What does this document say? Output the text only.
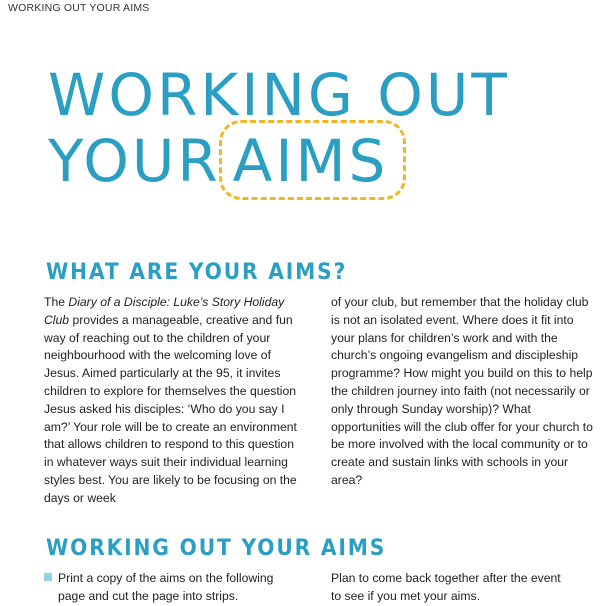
WORKING OUT YOUR AIMS
WORKING OUT
YOUR AIMS
WHAT ARE YOUR AIMS?
The Diary of a Disciple: Luke’s Story Holiday Club provides a manageable, creative and fun way of reaching out to the children of your neighbourhood with the welcoming love of Jesus. Aimed particularly at the 95, it invites children to explore for themselves the question Jesus asked his disciples: ‘Who do you say I am?’ Your role will be to create an environment that allows children to respond to this question in whatever ways suit their individual learning styles best. You are likely to be focusing on the days or week
of your club, but remember that the holiday club is not an isolated event. Where does it fit into your plans for children’s work and with the church’s ongoing evangelism and discipleship programme? How might you build on this to help the children journey into faith (not necessarily or only through Sunday worship)? What opportunities will the club offer for your church to be more involved with the local community or to create and sustain links with schools in your area?
WORKING OUT YOUR AIMS
Print a copy of the aims on the following
page and cut the page into strips.
Plan to come back together after the event
to see if you met your aims.
